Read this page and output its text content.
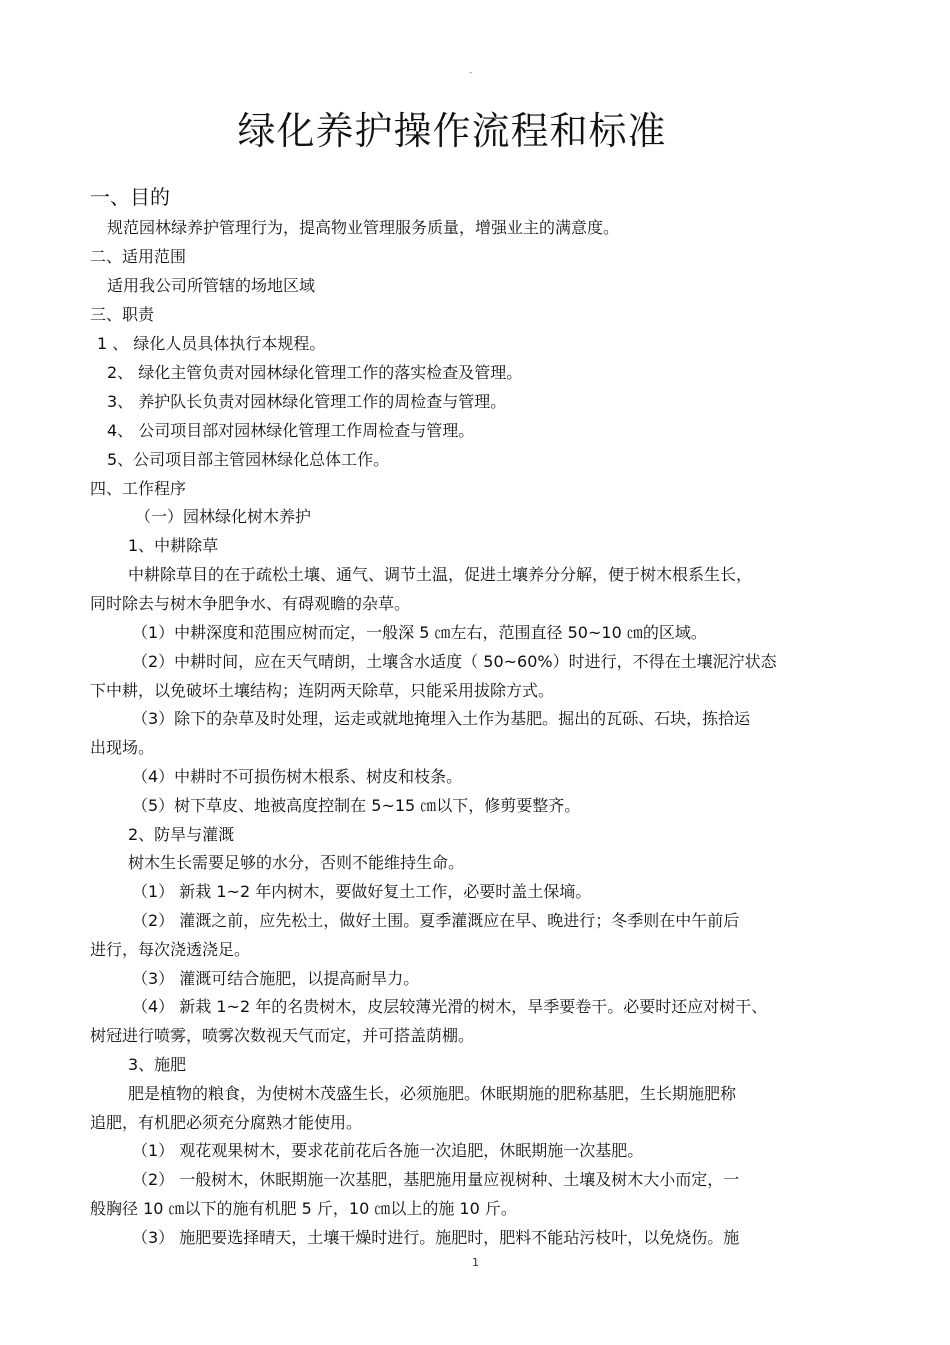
-
绿化养护操作流程和标准
一、目的
规范园林绿养护管理行为，提高物业管理服务质量，增强业主的满意度。
二、适用范围
适用我公司所管辖的场地区域
三、职责
1 、 绿化人员具体执行本规程。
2、 绿化主管负责对园林绿化管理工作的落实检查及管理。
3、 养护队长负责对园林绿化管理工作的周检查与管理。
4、 公司项目部对园林绿化管理工作周检查与管理。
5、公司项目部主管园林绿化总体工作。
四、工作程序
（一）园林绿化树木养护
1、中耕除草
中耕除草目的在于疏松土壤、通气、调节土温，促进土壤养分分解，便于树木根系生长，
同时除去与树木争肥争水、有碍观瞻的杂草。
（1）中耕深度和范围应树而定，一般深 5 ㎝左右，范围直径 50~10 ㎝的区域。
（2）中耕时间，应在天气晴朗，土壤含水适度（ 50~60%）时进行，不得在土壤泥泞状态
下中耕，以免破坏土壤结构；连阴两天除草，只能采用拔除方式。
（3）除下的杂草及时处理，运走或就地掩埋入土作为基肥。掘出的瓦砾、石块，拣拾运
出现场。
（4）中耕时不可损伤树木根系、树皮和枝条。
（5）树下草皮、地被高度控制在 5~15 ㎝以下，修剪要整齐。
2、防旱与灌溉
树木生长需要足够的水分，否则不能维持生命。
（1） 新栽 1~2 年内树木，要做好复土工作，必要时盖土保墒。
（2） 灌溉之前，应先松土，做好土围。夏季灌溉应在早、晚进行；冬季则在中午前后
进行，每次浇透浇足。
（3） 灌溉可结合施肥，以提高耐旱力。
（4） 新栽 1~2 年的名贵树木，皮层较薄光滑的树木，旱季要卷干。必要时还应对树干、
树冠进行喷雾，喷雾次数视天气而定，并可搭盖荫棚。
3、施肥
肥是植物的粮食，为使树木茂盛生长，必须施肥。休眠期施的肥称基肥，生长期施肥称
追肥，有机肥必须充分腐熟才能使用。
（1） 观花观果树木，要求花前花后各施一次追肥，休眠期施一次基肥。
（2） 一般树木，休眠期施一次基肥，基肥施用量应视树种、土壤及树木大小而定，一
般胸径 10 ㎝以下的施有机肥 5 斤，10 ㎝以上的施 10 斤。
（3） 施肥要选择晴天，土壤干燥时进行。施肥时，肥料不能玷污枝叶，以免烧伤。施
1
